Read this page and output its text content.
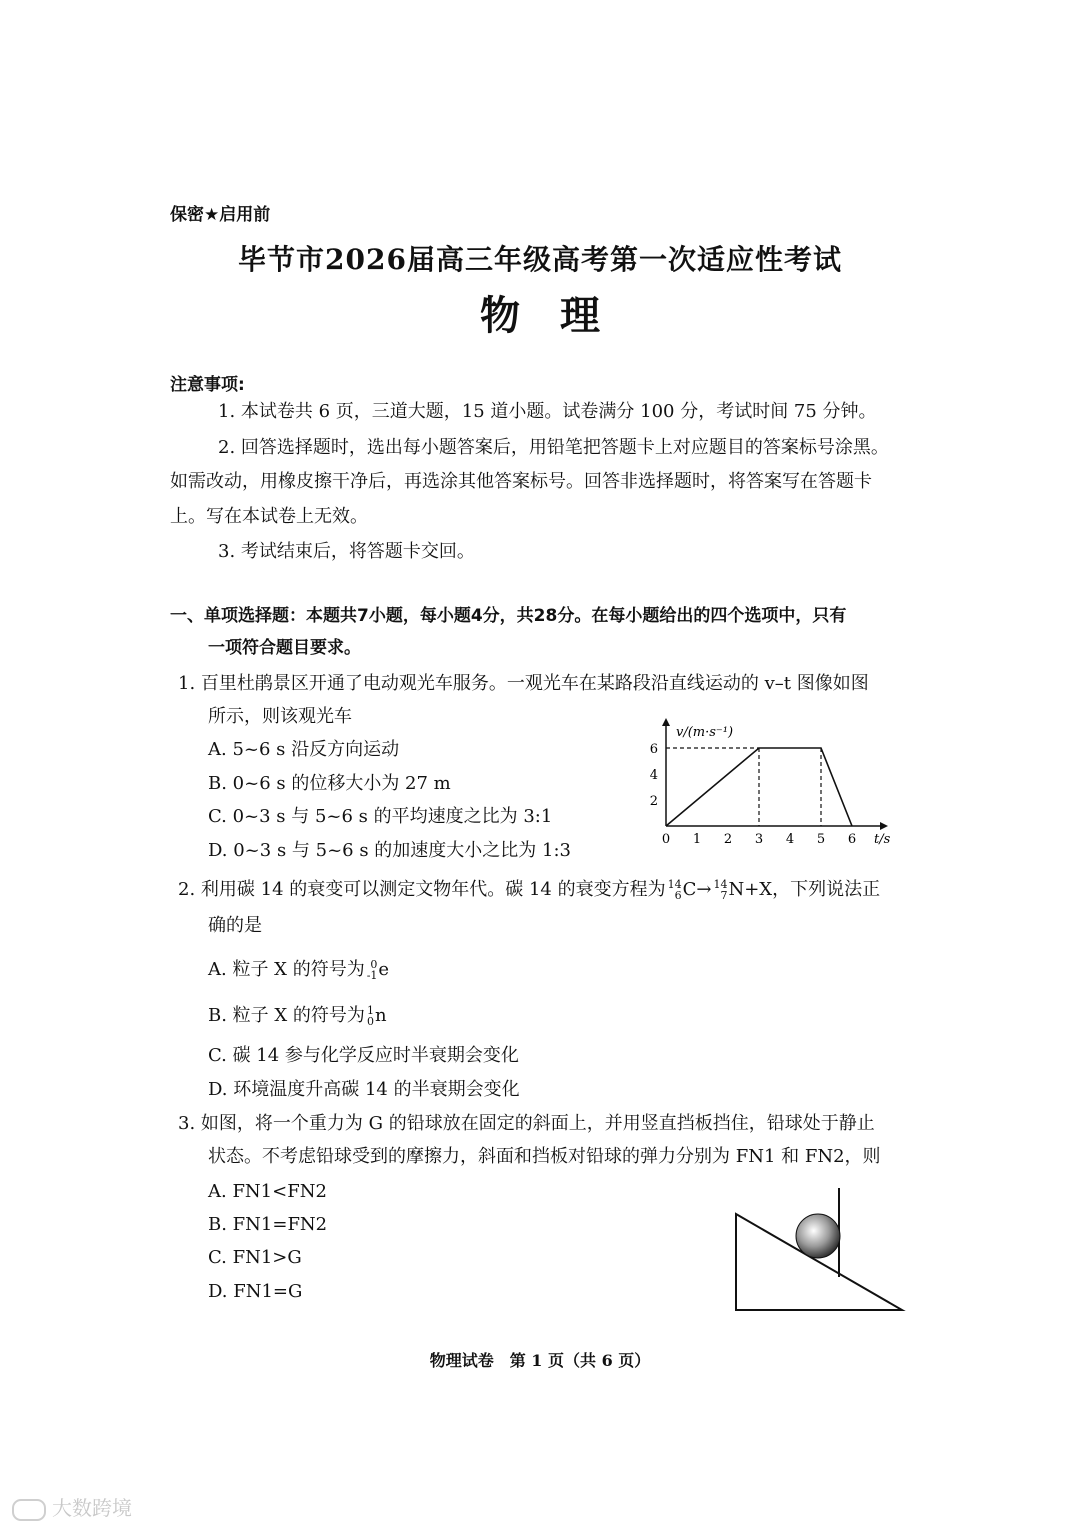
保密★启用前
毕节市2026届高三年级高考第一次适应性考试
物理
注意事项:
1. 本试卷共 6 页，三道大题，15 道小题。试卷满分 100 分，考试时间 75 分钟。
2. 回答选择题时，选出每小题答案后，用铅笔把答题卡上对应题目的答案标号涂黑。
如需改动，用橡皮擦干净后，再选涂其他答案标号。回答非选择题时，将答案写在答题卡
上。写在本试卷上无效。
3. 考试结束后，将答题卡交回。
一、单项选择题：本题共7小题，每小题4分，共28分。在每小题给出的四个选项中，只有
一项符合题目要求。
1. 百里杜鹃景区开通了电动观光车服务。一观光车在某路段沿直线运动的 v–t 图像如图
所示，则该观光车
A. 5~6 s 沿反方向运动
B. 0~6 s 的位移大小为 27 m
C. 0~3 s 与 5~6 s 的平均速度之比为 3:1
D. 0~3 s 与 5~6 s 的加速度大小之比为 1:3
0 1 2 3 4 5 6
2
4
6
v/(m·s⁻¹)
t/s
2. 利用碳 14 的衰变可以测定文物年代。碳 14 的衰变方程为 14
6 C→ 14
7 N+X，下列说法正
确的是
A. 粒子 X 的符号为 0
-1 e
B. 粒子 X 的符号为 1
0 n
C. 碳 14 参与化学反应时半衰期会变化
D. 环境温度升高碳 14 的半衰期会变化
3. 如图，将一个重力为 G 的铅球放在固定的斜面上，并用竖直挡板挡住，铅球处于静止
状态。不考虑铅球受到的摩擦力，斜面和挡板对铅球的弹力分别为 FN1 和 FN2，则
A. FN1<FN2
B. FN1=FN2
C. FN1>G
D. FN1=G
物理试卷　第 1 页（共 6 页）
大数跨境
